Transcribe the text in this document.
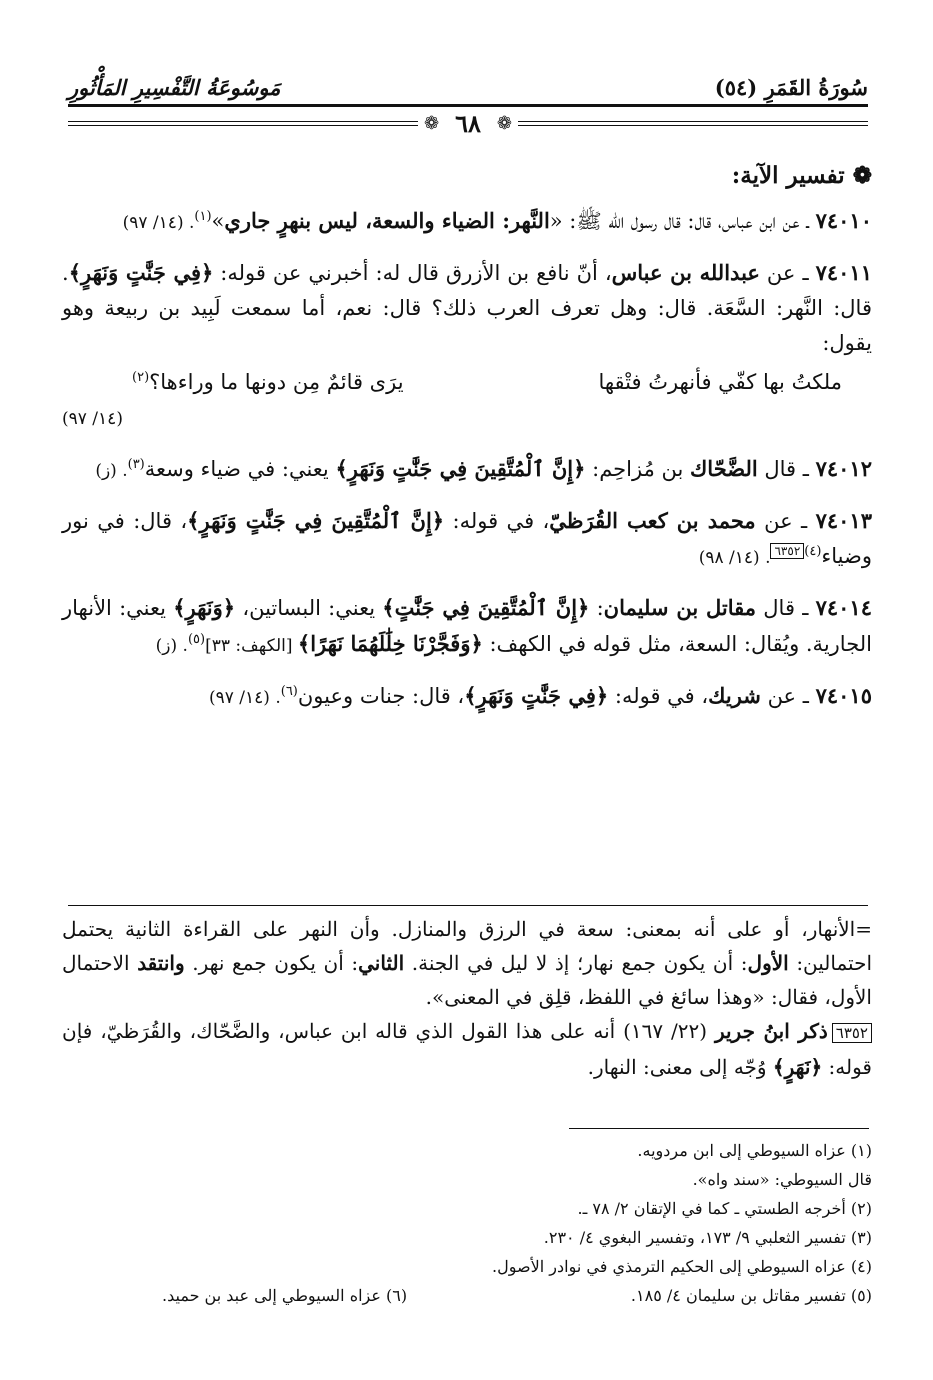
سُورَةُ القَمَرِ (٥٤)
مَوسُوعَةُ التَّفْسِيرِ المَأْثُورِ
❁
٦٨
❁
❁تفسير الآية:
٧٤٠١٠ ـ عن ابن عباس، قال: قال رسول الله ﷺ: «النَّهر: الضياء والسعة، ليس بنهرٍ جاري»$^{(١)}$. (١٤/ ٩٧)
٧٤٠١١ ـ عن عبدالله بن عباس، أنّ نافع بن الأزرق قال له: أخبرني عن قوله: ﴿فِي جَنَّٰتٍ وَنَهَرٍ﴾. قال: النَّهر: السَّعَة. قال: وهل تعرف العرب ذلك؟ قال: نعم، أما سمعت لَبِيد بن ربيعة وهو يقول:
ملكتُ بها كفّي فأنهرتُ فتْقها
يرَى قائمٌ مِن دونها ما وراءها؟$^{(٢)}$
(١٤/ ٩٧)
٧٤٠١٢ ـ قال الضَّحّاك بن مُزاحِم: ﴿إِنَّ ٱلْمُتَّقِينَ فِي جَنَّٰتٍ وَنَهَرٍ﴾ يعني: في ضياء وسعة$^{(٣)}$. (ز)
٧٤٠١٣ ـ عن محمد بن كعب القُرَظيّ، في قوله: ﴿إِنَّ ٱلْمُتَّقِينَ فِي جَنَّٰتٍ وَنَهَرٍ﴾، قال: في نور وضياء$^{(٤)٦٣٥٢}$. (١٤/ ٩٨)
٧٤٠١٤ ـ قال مقاتل بن سليمان: ﴿إِنَّ ٱلْمُتَّقِينَ فِي جَنَّٰتٍ﴾ يعني: البساتين، ﴿وَنَهَرٍ﴾ يعني: الأنهار الجارية. ويُقال: السعة، مثل قوله في الكهف: ﴿وَفَجَّرْنَا خِلَٰلَهُمَا نَهَرًا﴾ [الكهف: ٣٣]$^{(٥)}$. (ز)
٧٤٠١٥ ـ عن شريك، في قوله: ﴿فِي جَنَّٰتٍ وَنَهَرٍ﴾، قال: جنات وعيون$^{(٦)}$. (١٤/ ٩٧)

=الأنهار، أو على أنه بمعنى: سعة في الرزق والمنازل. وأن النهر على القراءة الثانية يحتمل احتمالين: الأول: أن يكون جمع نهار؛ إذ لا ليل في الجنة. الثاني: أن يكون جمع نهر. وانتقد الاحتمال الأول، فقال: «وهذا سائغ في اللفظ، قلِق في المعنى».

٦٣٥٢ذكر ابنُ جرير (٢٢/ ١٦٧) أنه على هذا القول الذي قاله ابن عباس، والضَّحّاك، والقُرَظيّ، فإن قوله: ﴿نَهَرٍ﴾ وُجّه إلى معنى: النهار.

(١) عزاه السيوطي إلى ابن مردويه.

قال السيوطي: «سند واه».

(٢) أخرجه الطستي ـ كما في الإتقان ٢/ ٧٨ ـ.

(٣) تفسير الثعلبي ٩/ ١٧٣، وتفسير البغوي ٤/ ٢٣٠.

(٤) عزاه السيوطي إلى الحكيم الترمذي في نوادر الأصول.

(٥) تفسير مقاتل بن سليمان ٤/ ١٨٥.
(٦) عزاه السيوطي إلى عبد بن حميد.
